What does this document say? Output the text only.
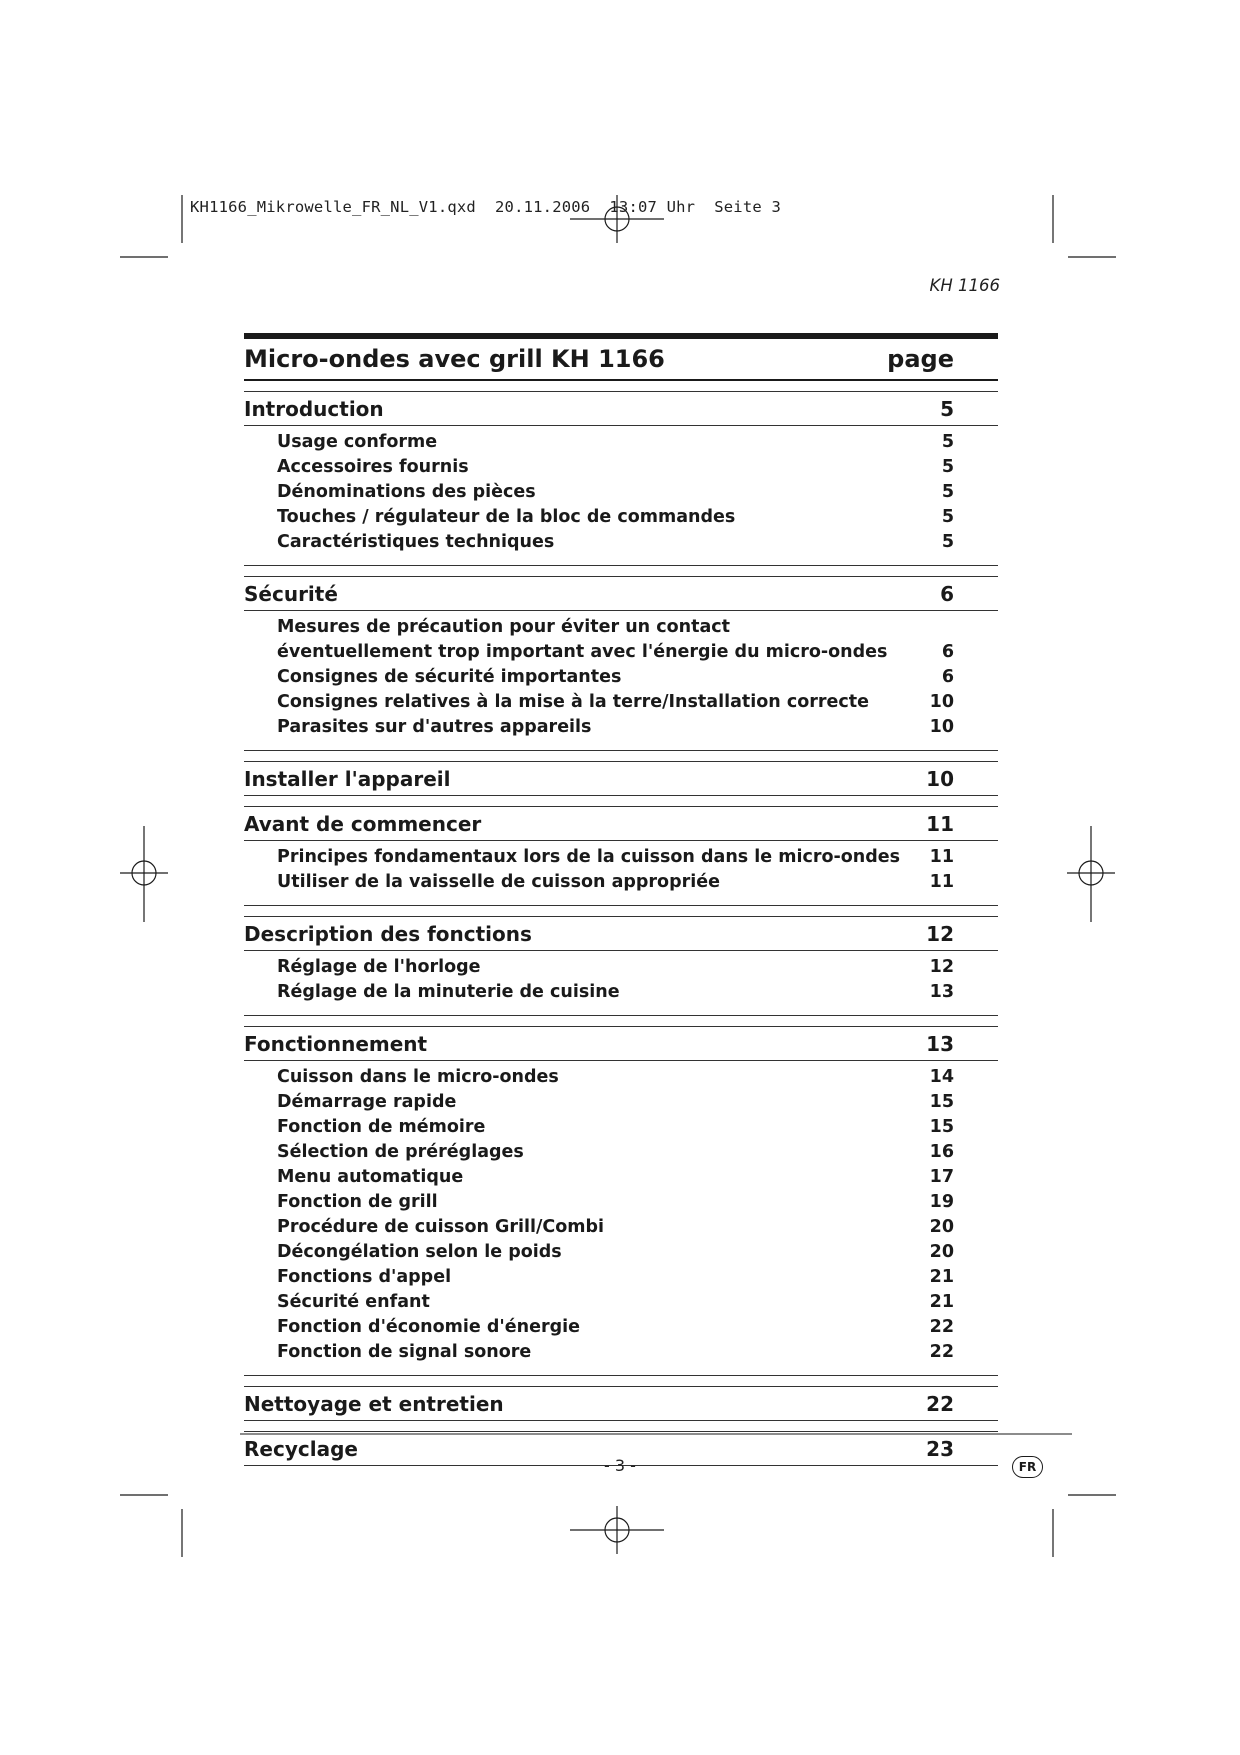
KH1166_Mikrowelle_FR_NL_V1.qxd  20.11.2006  13:07 Uhr  Seite 3
KH 1166
Micro-ondes avec grill KH 1166	page
Introduction	5
Usage conforme	5
Accessoires fournis	5
Dénominations des pièces	5
Touches / régulateur de la bloc de commandes	5
Caractéristiques techniques	5
Sécurité	6
Mesures de précaution pour éviter un contact
éventuellement trop important avec l'énergie du micro-ondes	6
Consignes de sécurité importantes	6
Consignes relatives à la mise à la terre/Installation correcte	10
Parasites sur d'autres appareils	10
Installer l'appareil	10
Avant de commencer	11
Principes fondamentaux lors de la cuisson dans le micro-ondes	11
Utiliser de la vaisselle de cuisson appropriée	11
Description des fonctions	12
Réglage de l'horloge	12
Réglage de la minuterie de cuisine	13
Fonctionnement	13
Cuisson dans le micro-ondes	14
Démarrage rapide	15
Fonction de mémoire	15
Sélection de préréglages	16
Menu automatique	17
Fonction de grill	19
Procédure de cuisson Grill/Combi	20
Décongélation selon le poids	20
Fonctions d'appel	21
Sécurité enfant	21
Fonction d'économie d'énergie	22
Fonction de signal sonore	22
Nettoyage et entretien	22
Recyclage	23
- 3 -	FR
